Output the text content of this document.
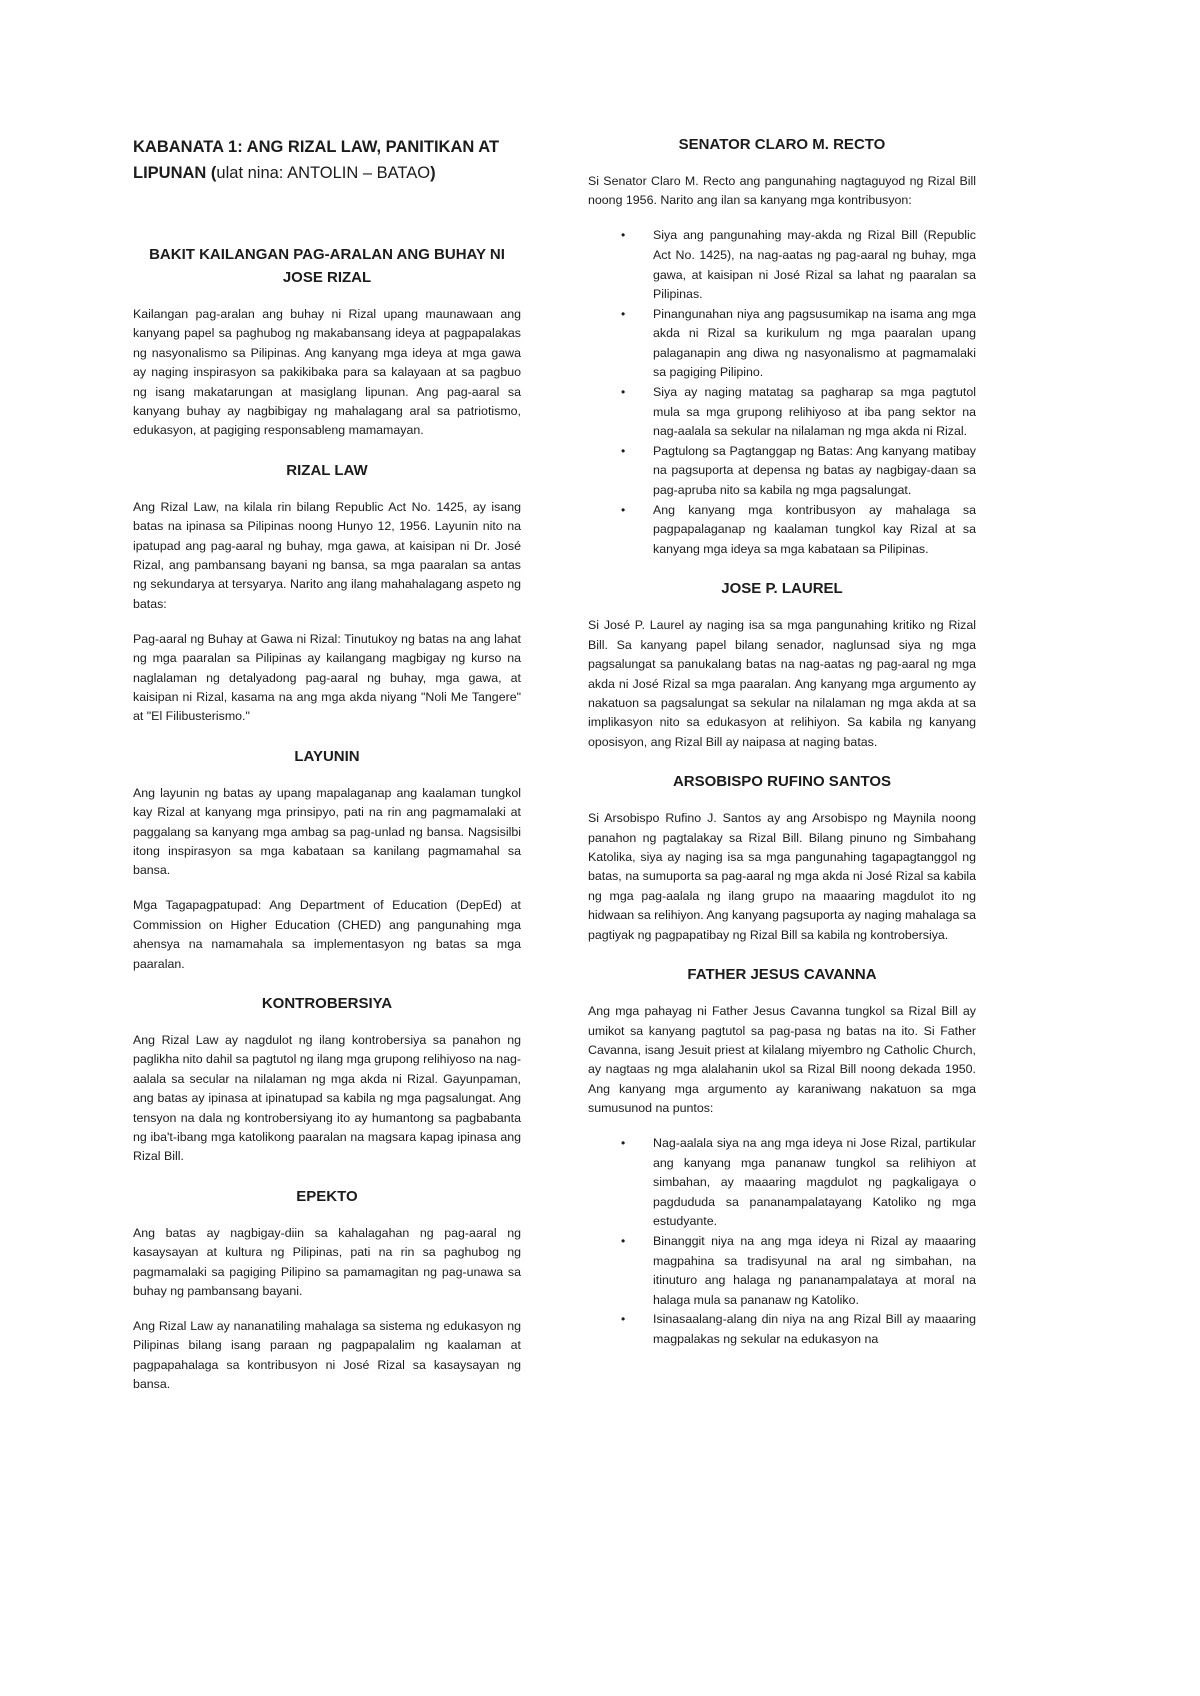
KABANATA 1: ANG RIZAL LAW, PANITIKAN AT LIPUNAN (ulat nina: ANTOLIN – BATAO)
BAKIT KAILANGAN PAG-ARALAN ANG BUHAY NI JOSE RIZAL

Kailangan pag-aralan ang buhay ni Rizal upang maunawaan ang kanyang papel sa paghubog ng makabansang ideya at pagpapalakas ng nasyonalismo sa Pilipinas. Ang kanyang mga ideya at mga gawa ay naging inspirasyon sa pakikibaka para sa kalayaan at sa pagbuo ng isang makatarungan at masiglang lipunan. Ang pag-aaral sa kanyang buhay ay nagbibigay ng mahalagang aral sa patriotismo, edukasyon, at pagiging responsableng mamamayan.

RIZAL LAW

Ang Rizal Law, na kilala rin bilang Republic Act No. 1425, ay isang batas na ipinasa sa Pilipinas noong Hunyo 12, 1956. Layunin nito na ipatupad ang pag-aaral ng buhay, mga gawa, at kaisipan ni Dr. José Rizal, ang pambansang bayani ng bansa, sa mga paaralan sa antas ng sekundarya at tersyarya. Narito ang ilang mahahalagang aspeto ng batas:

Pag-aaral ng Buhay at Gawa ni Rizal: Tinutukoy ng batas na ang lahat ng mga paaralan sa Pilipinas ay kailangang magbigay ng kurso na naglalaman ng detalyadong pag-aaral ng buhay, mga gawa, at kaisipan ni Rizal, kasama na ang mga akda niyang "Noli Me Tangere" at "El Filibusterismo."

LAYUNIN

Ang layunin ng batas ay upang mapalaganap ang kaalaman tungkol kay Rizal at kanyang mga prinsipyo, pati na rin ang pagmamalaki at paggalang sa kanyang mga ambag sa pag-unlad ng bansa. Nagsisilbi itong inspirasyon sa mga kabataan sa kanilang pagmamahal sa bansa.

Mga Tagapagpatupad: Ang Department of Education (DepEd) at Commission on Higher Education (CHED) ang pangunahing mga ahensya na namamahala sa implementasyon ng batas sa mga paaralan.

KONTROBERSIYA

Ang Rizal Law ay nagdulot ng ilang kontrobersiya sa panahon ng paglikha nito dahil sa pagtutol ng ilang mga grupong relihiyoso na nag-aalala sa secular na nilalaman ng mga akda ni Rizal. Gayunpaman, ang batas ay ipinasa at ipinatupad sa kabila ng mga pagsalungat. Ang tensyon na dala ng kontrobersiyang ito ay humantong sa pagbabanta ng iba't-ibang mga katolikong paaralan na magsara kapag ipinasa ang Rizal Bill.

EPEKTO

Ang batas ay nagbigay-diin sa kahalagahan ng pag-aaral ng kasaysayan at kultura ng Pilipinas, pati na rin sa paghubog ng pagmamalaki sa pagiging Pilipino sa pamamagitan ng pag-unawa sa buhay ng pambansang bayani.

Ang Rizal Law ay nananatiling mahalaga sa sistema ng edukasyon ng Pilipinas bilang isang paraan ng pagpapalalim ng kaalaman at pagpapahalaga sa kontribusyon ni José Rizal sa kasaysayan ng bansa.

SENATOR CLARO M. RECTO

Si Senator Claro M. Recto ang pangunahing nagtaguyod ng Rizal Bill noong 1956. Narito ang ilan sa kanyang mga kontribusyon:

•
Siya ang pangunahing may-akda ng Rizal Bill (Republic Act No. 1425), na nag-aatas ng pag-aaral ng buhay, mga gawa, at kaisipan ni José Rizal sa lahat ng paaralan sa Pilipinas.
•
Pinangunahan niya ang pagsusumikap na isama ang mga akda ni Rizal sa kurikulum ng mga paaralan upang palaganapin ang diwa ng nasyonalismo at pagmamalaki sa pagiging Pilipino.
•
Siya ay naging matatag sa pagharap sa mga pagtutol mula sa mga grupong relihiyoso at iba pang sektor na nag-aalala sa sekular na nilalaman ng mga akda ni Rizal.
•
Pagtulong sa Pagtanggap ng Batas: Ang kanyang matibay na pagsuporta at depensa ng batas ay nagbigay-daan sa pag-apruba nito sa kabila ng mga pagsalungat.
•
Ang kanyang mga kontribusyon ay mahalaga sa pagpapalaganap ng kaalaman tungkol kay Rizal at sa kanyang mga ideya sa mga kabataan sa Pilipinas.
JOSE P. LAUREL

Si José P. Laurel ay naging isa sa mga pangunahing kritiko ng Rizal Bill. Sa kanyang papel bilang senador, naglunsad siya ng mga pagsalungat sa panukalang batas na nag-aatas ng pag-aaral ng mga akda ni José Rizal sa mga paaralan. Ang kanyang mga argumento ay nakatuon sa pagsalungat sa sekular na nilalaman ng mga akda at sa implikasyon nito sa edukasyon at relihiyon. Sa kabila ng kanyang oposisyon, ang Rizal Bill ay naipasa at naging batas.

ARSOBISPO RUFINO SANTOS

Si Arsobispo Rufino J. Santos ay ang Arsobispo ng Maynila noong panahon ng pagtalakay sa Rizal Bill. Bilang pinuno ng Simbahang Katolika, siya ay naging isa sa mga pangunahing tagapagtanggol ng batas, na sumuporta sa pag-aaral ng mga akda ni José Rizal sa kabila ng mga pag-aalala ng ilang grupo na maaaring magdulot ito ng hidwaan sa relihiyon. Ang kanyang pagsuporta ay naging mahalaga sa pagtiyak ng pagpapatibay ng Rizal Bill sa kabila ng kontrobersiya.

FATHER JESUS CAVANNA

Ang mga pahayag ni Father Jesus Cavanna tungkol sa Rizal Bill ay umikot sa kanyang pagtutol sa pag-pasa ng batas na ito. Si Father Cavanna, isang Jesuit priest at kilalang miyembro ng Catholic Church, ay nagtaas ng mga alalahanin ukol sa Rizal Bill noong dekada 1950. Ang kanyang mga argumento ay karaniwang nakatuon sa mga sumusunod na puntos:

•
Nag-aalala siya na ang mga ideya ni Jose Rizal, partikular ang kanyang mga pananaw tungkol sa relihiyon at simbahan, ay maaaring magdulot ng pagkaligaya o pagdududa sa pananampalatayang Katoliko ng mga estudyante.
•
Binanggit niya na ang mga ideya ni Rizal ay maaaring magpahina sa tradisyunal na aral ng simbahan, na itinuturo ang halaga ng pananampalataya at moral na halaga mula sa pananaw ng Katoliko.
•
Isinasaalang-alang din niya na ang Rizal Bill ay maaaring magpalakas ng sekular na edukasyon na
